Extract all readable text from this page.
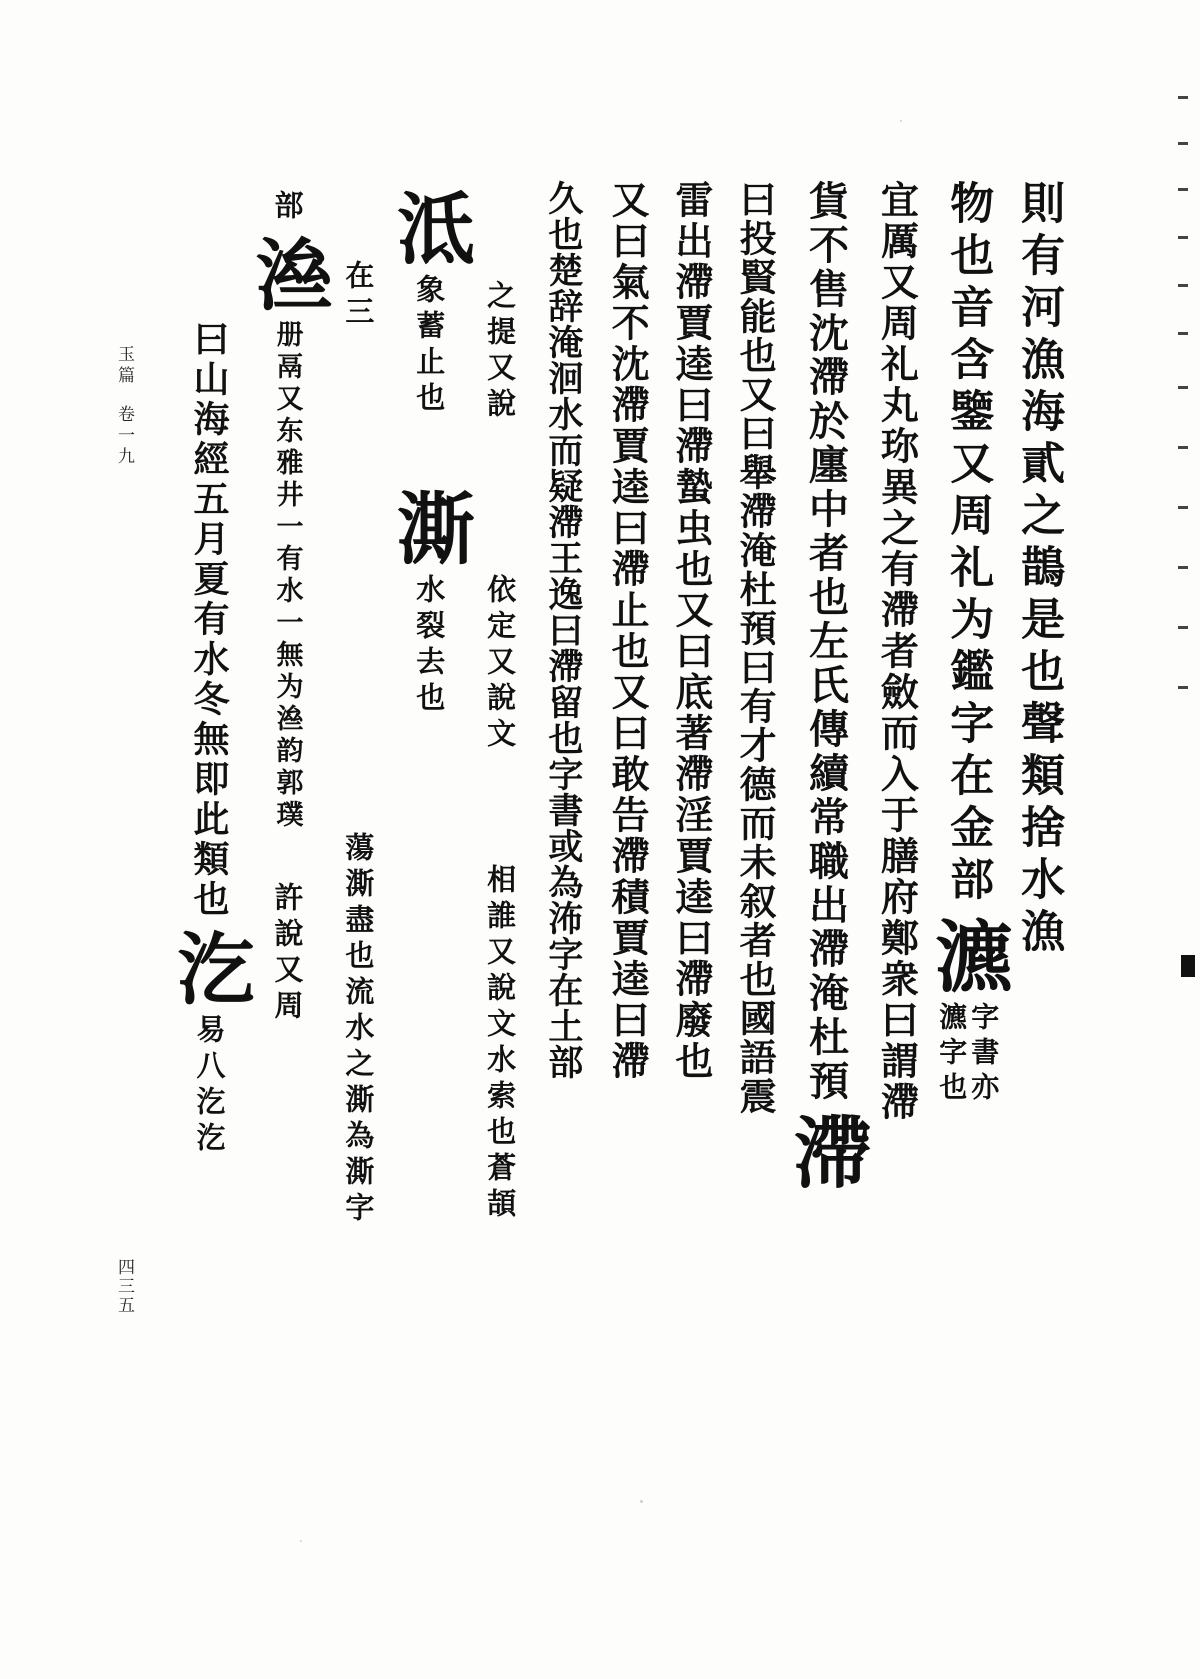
玉篇卷一九
四三五
則有河漁海貳之鵲是也聲類捨水漁
物也音含鑒又周礼为鑑字在金部
瀌
字書亦
瀌字也
宜厲又周礼丸珎異之有滯者斂而入于膳府鄭衆曰謂滯
貨不售沈滯於廛中者也左氏傳續常職出滯淹杜預
滯
曰投賢能也又曰舉滯淹杜預曰有才德而未叙者也國語震
雷出滯賈逵曰滯蟄虫也又曰底著滯淫賈逵曰滯廢也
又曰氣不沈滯賈逵曰滯止也又曰敢告滯積賈逵曰滯
久也楚辞淹洄水而疑滯王逸曰滯留也字書或為㳍字在土部
之提又說
依定又說文
相誰又說文水索也蒼頡
泜
象蓄止也
澌
水裂去也
在三
蕩澌盡也流水之澌為澌字
部
㴉
册鬲又东雅井一有水一無为㴉韵郭璞
許說又周
曰山海經五月夏有水冬無即此類也
汔
易八汔汔
